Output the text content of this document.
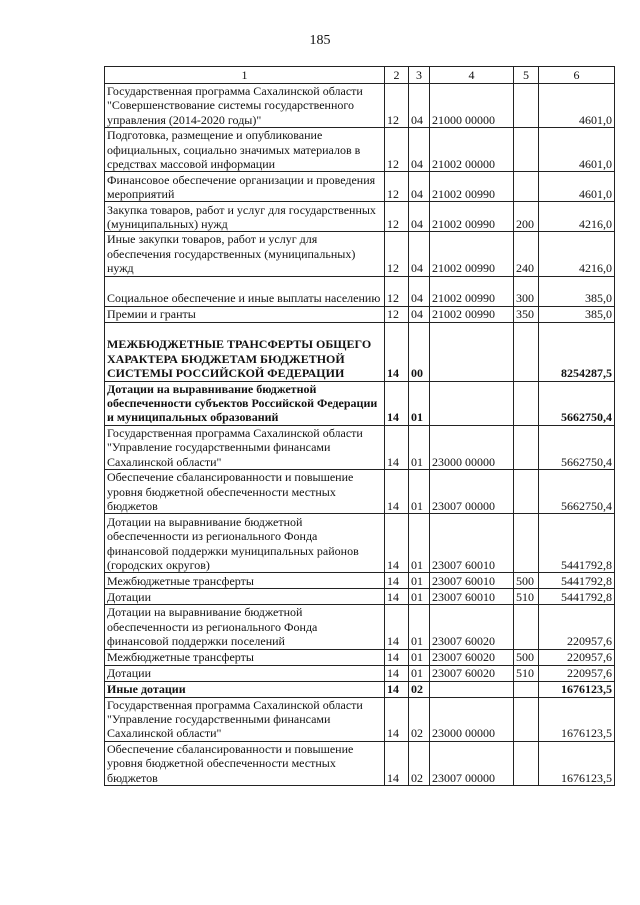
185
1	2	3	4	5	6
Государственная программа Сахалинской области "Совершенствование системы государственного управления (2014-2020 годы)"	12	04	21000 00000		4601,0
Подготовка, размещение и опубликование официальных, социально значимых материалов в средствах массовой информации	12	04	21002 00000		4601,0
Финансовое обеспечение организации и проведения мероприятий	12	04	21002 00990		4601,0
Закупка товаров, работ и услуг для государственных (муниципальных) нужд	12	04	21002 00990	200	4216,0
Иные закупки товаров, работ и услуг для обеспечения государственных (муниципальных) нужд	12	04	21002 00990	240	4216,0
Социальное обеспечение и иные выплаты населению	12	04	21002 00990	300	385,0
Премии и гранты	12	04	21002 00990	350	385,0
МЕЖБЮДЖЕТНЫЕ ТРАНСФЕРТЫ ОБЩЕГО ХАРАКТЕРА БЮДЖЕТАМ БЮДЖЕТНОЙ СИСТЕМЫ РОССИЙСКОЙ ФЕДЕРАЦИИ	14	00			8254287,5
Дотации на выравнивание бюджетной обеспеченности субъектов Российской Федерации и муниципальных образований	14	01			5662750,4
Государственная программа Сахалинской области "Управление государственными финансами Сахалинской области"	14	01	23000 00000		5662750,4
Обеспечение сбалансированности и повышение уровня бюджетной обеспеченности местных бюджетов	14	01	23007 00000		5662750,4
Дотации на выравнивание бюджетной обеспеченности из регионального Фонда финансовой поддержки муниципальных районов (городских округов)	14	01	23007 60010		5441792,8
Межбюджетные трансферты	14	01	23007 60010	500	5441792,8
Дотации	14	01	23007 60010	510	5441792,8
Дотации на выравнивание бюджетной обеспеченности из регионального Фонда финансовой поддержки поселений	14	01	23007 60020		220957,6
Межбюджетные трансферты	14	01	23007 60020	500	220957,6
Дотации	14	01	23007 60020	510	220957,6
Иные дотации	14	02			1676123,5
Государственная программа Сахалинской области "Управление государственными финансами Сахалинской области"	14	02	23000 00000		1676123,5
Обеспечение сбалансированности и повышение уровня бюджетной обеспеченности местных бюджетов	14	02	23007 00000		1676123,5
